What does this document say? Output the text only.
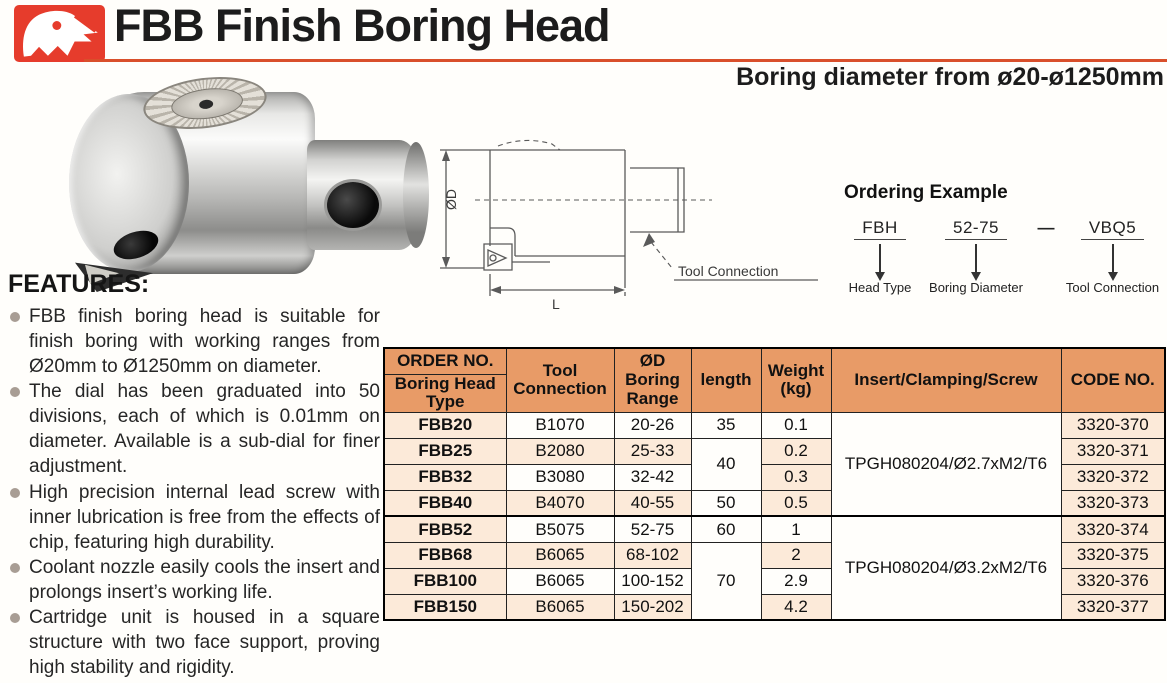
FBB Finish Boring Head
Boring diameter from ø20-ø1250mm
ØD
L
Tool Connection
Ordering Example
FBH
Head Type
52-75
Boring Diameter
—	VBQ5
Tool Connection
FEATURES:
FBB finish boring head is suitable for finish boring with working ranges from Ø20mm to Ø1250mm on diameter.
The dial has been graduated into 50 divisions, each of which is 0.01mm on diameter. Available is a sub-dial for finer adjustment.
High precision internal lead screw with inner lubrication is free from the effects of chip, featuring high durability.
Coolant nozzle easily cools the insert and prolongs insert’s working life.
Cartridge unit is housed in a square structure with two face support, proving high stability and rigidity.
ORDER NO.	Tool Connection	ØD Boring Range	length	Weight (kg)	Insert/Clamping/Screw	CODE NO.
Boring Head Type						
FBB20	B1070	20-26	35	0.1	TPGH080204/Ø2.7xM2/T6	3320-370
FBB25	B2080	25-33	40	0.2		3320-371
FBB32	B3080	32-42		0.3		3320-372
FBB40	B4070	40-55	50	0.5		3320-373
FBB52	B5075	52-75	60	1	TPGH080204/Ø3.2xM2/T6	3320-374
FBB68	B6065	68-102	70	2		3320-375
FBB100	B6065	100-152		2.9		3320-376
FBB150	B6065	150-202		4.2		3320-377
